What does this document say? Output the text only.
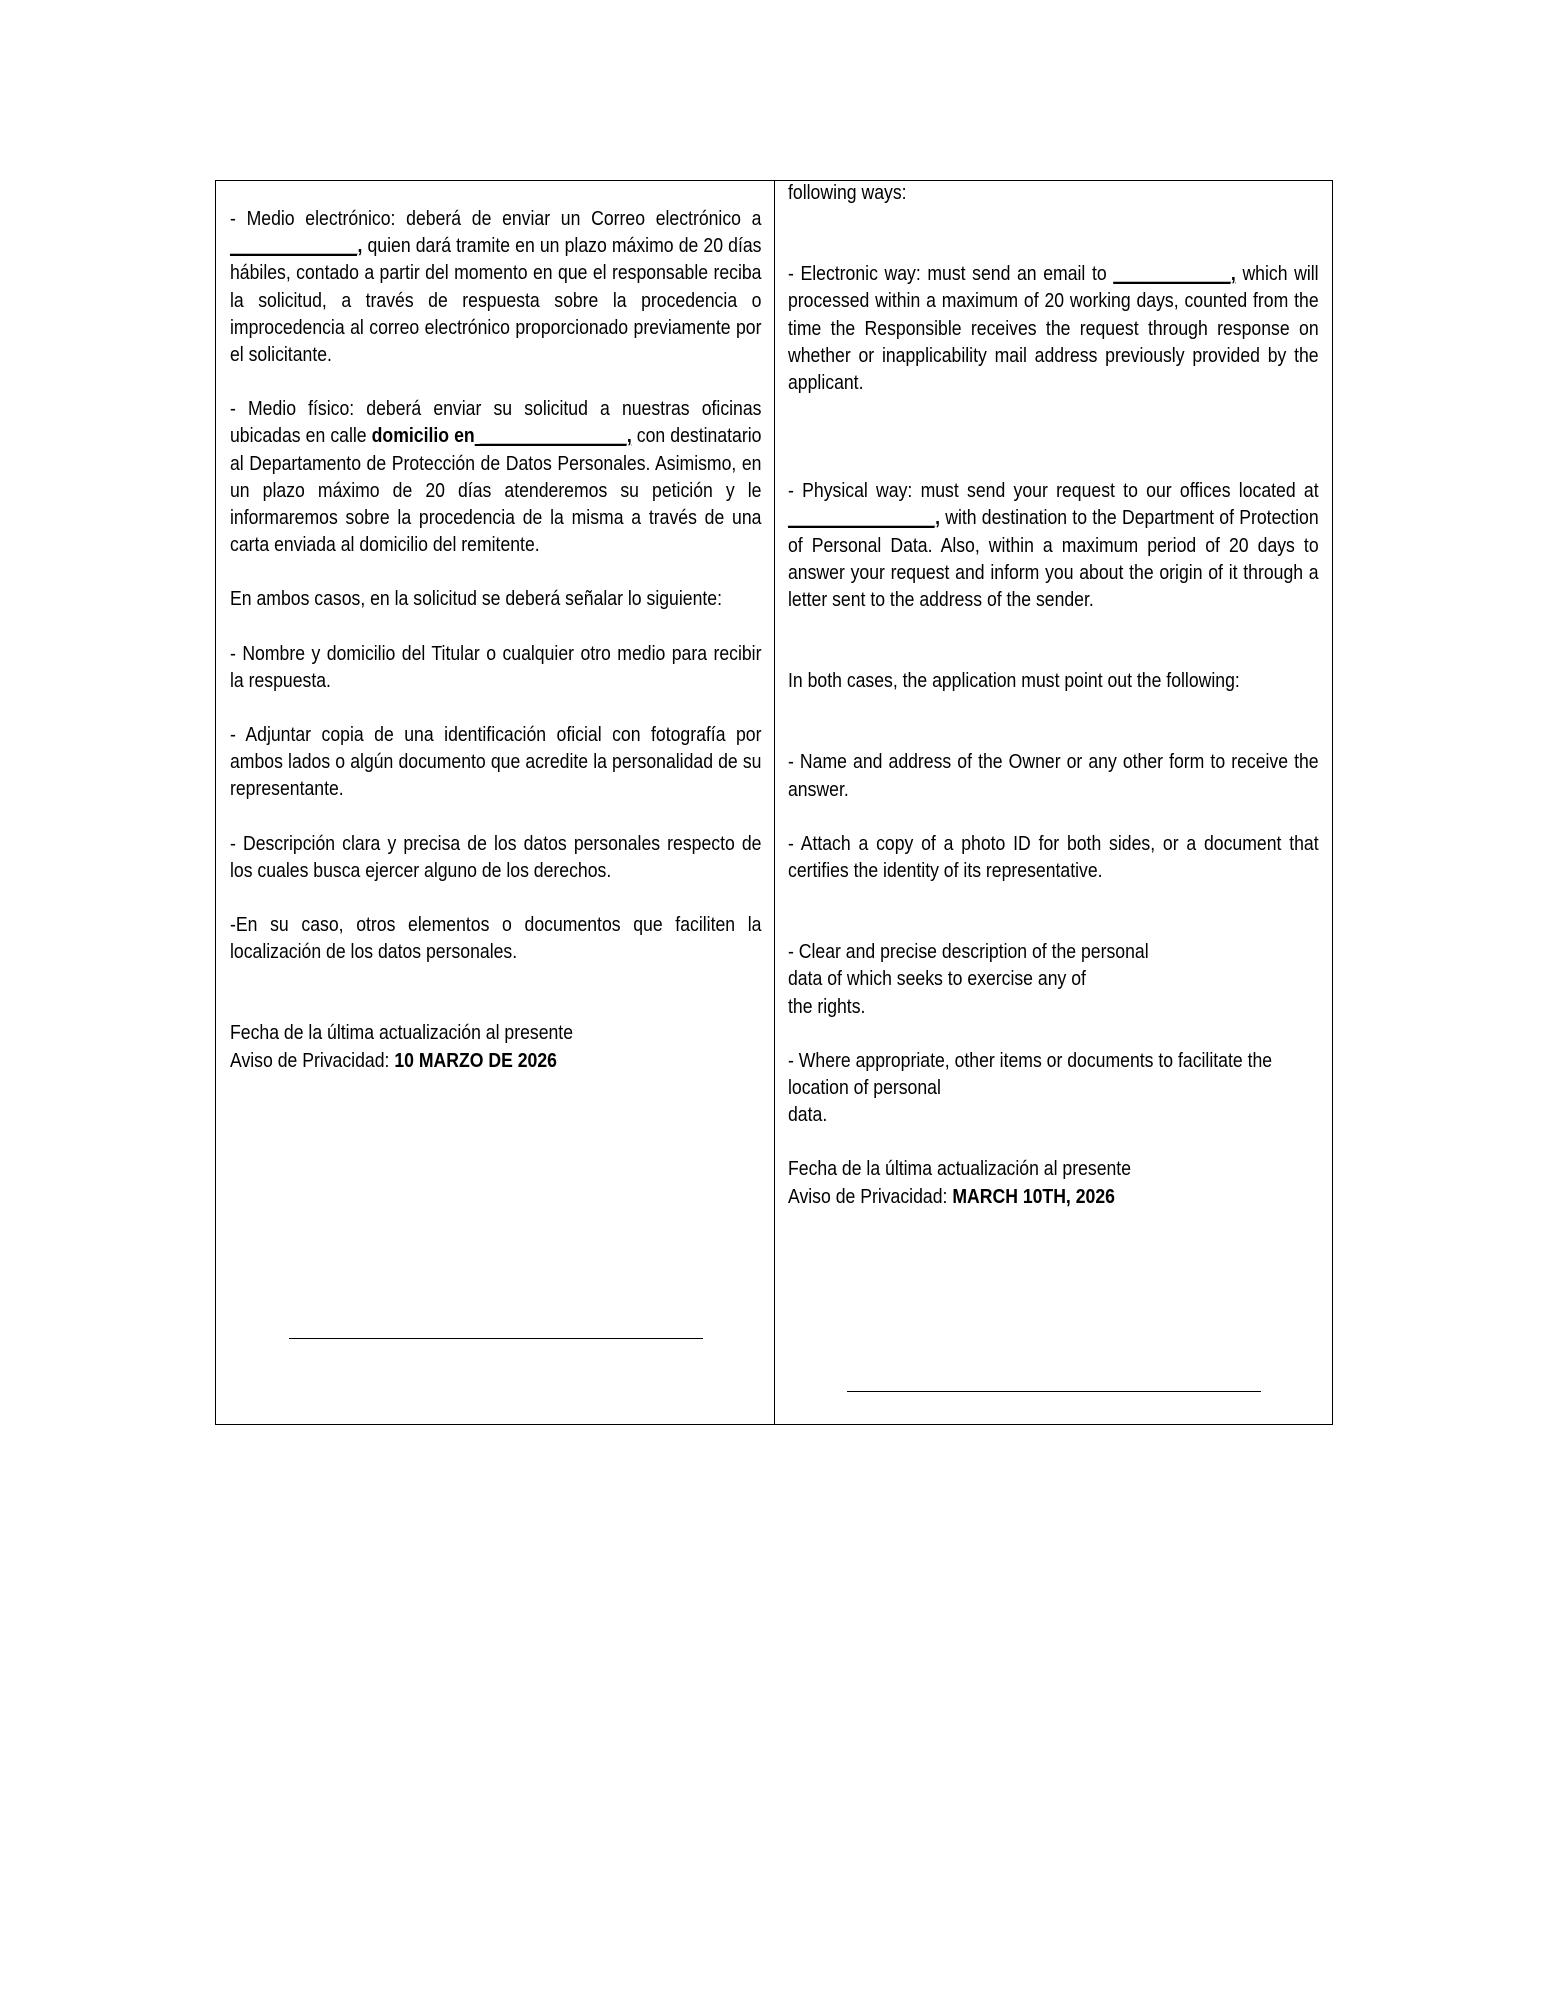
- Medio electrónico: deberá de enviar un Correo electrónico a _____________, quien dará tramite en un plazo máximo de 20 días hábiles, contado a partir del momento en que el responsable reciba la solicitud, a través de respuesta sobre la procedencia o improcedencia al correo electrónico proporcionado previamente por el solicitante.

- Medio físico: deberá enviar su solicitud a nuestras oficinas ubicadas en calle domicilio en _______________, con destinatario al Departamento de Protección de Datos Personales. Asimismo, en un plazo máximo de 20 días atenderemos su petición y le informaremos sobre la procedencia de la misma a través de una carta enviada al domicilio del remitente.

En ambos casos, en la solicitud se deberá señalar lo siguiente:

- Nombre y domicilio del Titular o cualquier otro medio para recibir la respuesta.

- Adjuntar copia de una identificación oficial con fotografía por ambos lados o algún documento que acredite la personalidad de su representante.

- Descripción clara y precisa de los datos personales respecto de los cuales busca ejercer alguno de los derechos.

-En su caso, otros elementos o documentos que faciliten la localización de los datos personales.

Fecha de la última actualización al presente

Aviso de Privacidad: 10 MARZO DE 2026

following ways:

- Electronic way: must send an email to ____________, which will processed within a maximum of 20 working days, counted from the time the Responsible receives the request through response on whether or inapplicability mail address previously provided by the applicant.

- Physical way: must send your request to our offices located at _______________, with destination to the Department of Protection of Personal Data. Also, within a maximum period of 20 days to answer your request and inform you about the origin of it through a letter sent to the address of the sender.

In both cases, the application must point out the following:

- Name and address of the Owner or any other form to receive the answer.

- Attach a copy of a photo ID for both sides, or a document that certifies the identity of its representative.

- Clear and precise description of the personal data of which seeks to exercise any of

the rights.

- Where appropriate, other items or documents to facilitate the location of personal

data.

Fecha de la última actualización al presente

Aviso de Privacidad: MARCH 10TH, 2026
